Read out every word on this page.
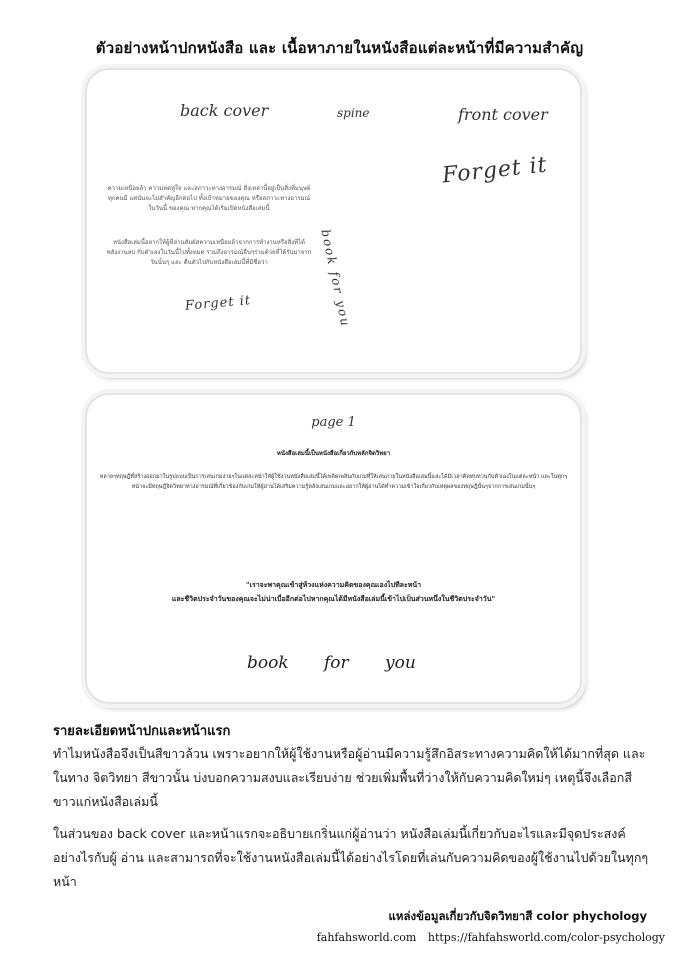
ตัวอย่างหน้าปกหนังสือ และ เนื้อหาภายในหนังสือแต่ละหน้าที่มีความสำคัญ
back cover	spine	front cover
Forget it
ความเหนื่อยล้า ความหดหู่ใจ และสภาวะทางอารมณ์ สิ่งเหล่านี้อยู่เป็นสิ่งที่มนุษย์ทุกคนมี แต่นั่นจะไม่สำคัญอีกต่อไป ทั้งเป้าหมายของคุณ หรือสภาวะทางอารมณ์ในวันนี้ ของคุณ หากคุณได้เริ่มเปิดหนังสือเล่มนี้
หนังสือเล่มนี้อยากให้ผู้ที่อ่านสัมผัสความเหนื่อยล้าจากการทำงานหรือสิ่งที่ได้พลังงานลบ กับตัวเองในวันนี้ไปทั้งหมด รวมถึงอารมณ์อื่นๆร่วมด้วยที่ได้รับมาจากวันนั้นๆ และ ตื่นตัวไปกับหนังสือเล่มนี้ที่มีชื่อว่า
Forget it	book for you
page 1
หนังสือเล่มนี้เป็นหนังสือเกี่ยวกับหลักจิตวิทยา
หลายๆทฤษฎีที่สร้างออกมาในรูปแบบเป็นการเล่นเกมง่ายๆในแต่ละหน้าให้ผู้ใช้งานหนังสือเล่มนี้ได้เพลิดเพลินกับเกมที่ให้เล่นภายในหนังสือเล่มนี้และได้มีเวลาคิดทบทวนกับตัวเองในแต่ละหน้า และในทุกๆหน้าจะมีทฤษฎีจิตวิทยาทางอารมณ์ที่เกี่ยวข้องกับเกมให้ผู้อ่านได้เสริมความรู้หลังเล่นเกมและอยากให้ผู้อ่านได้ทำความเข้าใจเกี่ยวกับเหตุผลของทฤษฎีนั้นๆจากการเล่นเกมนั้นๆ
"เราจะพาคุณเข้าสู่ห้วงแห่งความคิดของคุณเองไปทีละหน้า
และชีวิตประจำวันของคุณจะไม่น่าเบื่ออีกต่อไปหากคุณได้มีหนังสือเล่มนี้เข้าไปเป็นส่วนหนึ่งในชีวิตประจำวัน"
book for you
รายละเอียดหน้าปกและหน้าแรก
ทำไมหนังสือจึงเป็นสีขาวล้วน เพราะอยากให้ผู้ใช้งานหรือผู้อ่านมีความรู้สึกอิสระทางความคิดให้ได้มากที่สุด และในทาง จิตวิทยา สีขาวนั้น บ่งบอกความสงบและเรียบง่าย ช่วยเพิ่มพื้นที่ว่างให้กับความคิดใหม่ๆ เหตุนี้จึงเลือกสีขาวแก่หนังสือเล่มนี้
ในส่วนของ back cover และหน้าแรกจะอธิบายเกริ่นแก่ผู้อ่านว่า หนังสือเล่มนี้เกี่ยวกับอะไรและมีจุดประสงค์อย่างไรกับผู้ อ่าน และสามารถที่จะใช้งานหนังสือเล่มนี้ได้อย่างไรโดยที่เล่นกับความคิดของผู้ใช้งานไปด้วยในทุกๆหน้า
แหล่งข้อมูลเกี่ยวกับจิตวิทยาสี color phychology
fahfahsworld.com https://fahfahsworld.com/color-psychology
